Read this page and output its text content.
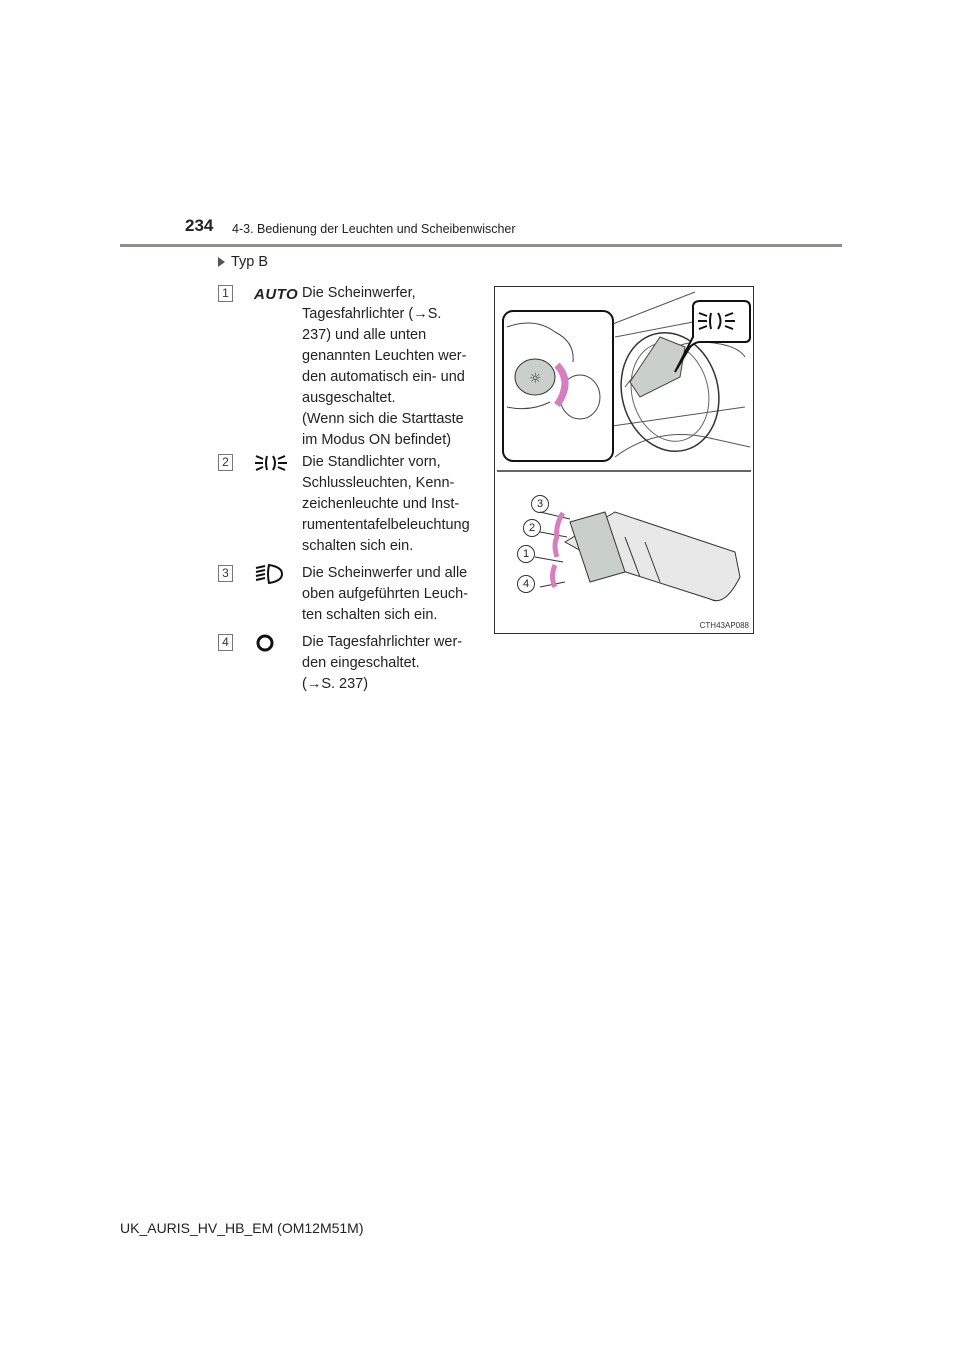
234 4-3. Bedienung der Leuchten und Scheibenwischer
Typ B
1 AUTO Die Scheinwerfer,
Tagesfahrlichter (→S.
237) und alle unten
genannten Leuchten wer-
den automatisch ein- und
ausgeschaltet.
(Wenn sich die Starttaste
im Modus ON befindet)
2	Die Standlichter vorn,
Schlussleuchten, Kenn-
zeichenleuchte und Inst-
rumententafelbeleuchtung
schalten sich ein.
3	Die Scheinwerfer und alle
oben aufgeführten Leuch-
ten schalten sich ein.
4	Die Tagesfahrlichter wer-
den eingeschaltet.
(→S. 237)
☼
3
2
1
4
CTH43AP088
UK_AURIS_HV_HB_EM (OM12M51M)
